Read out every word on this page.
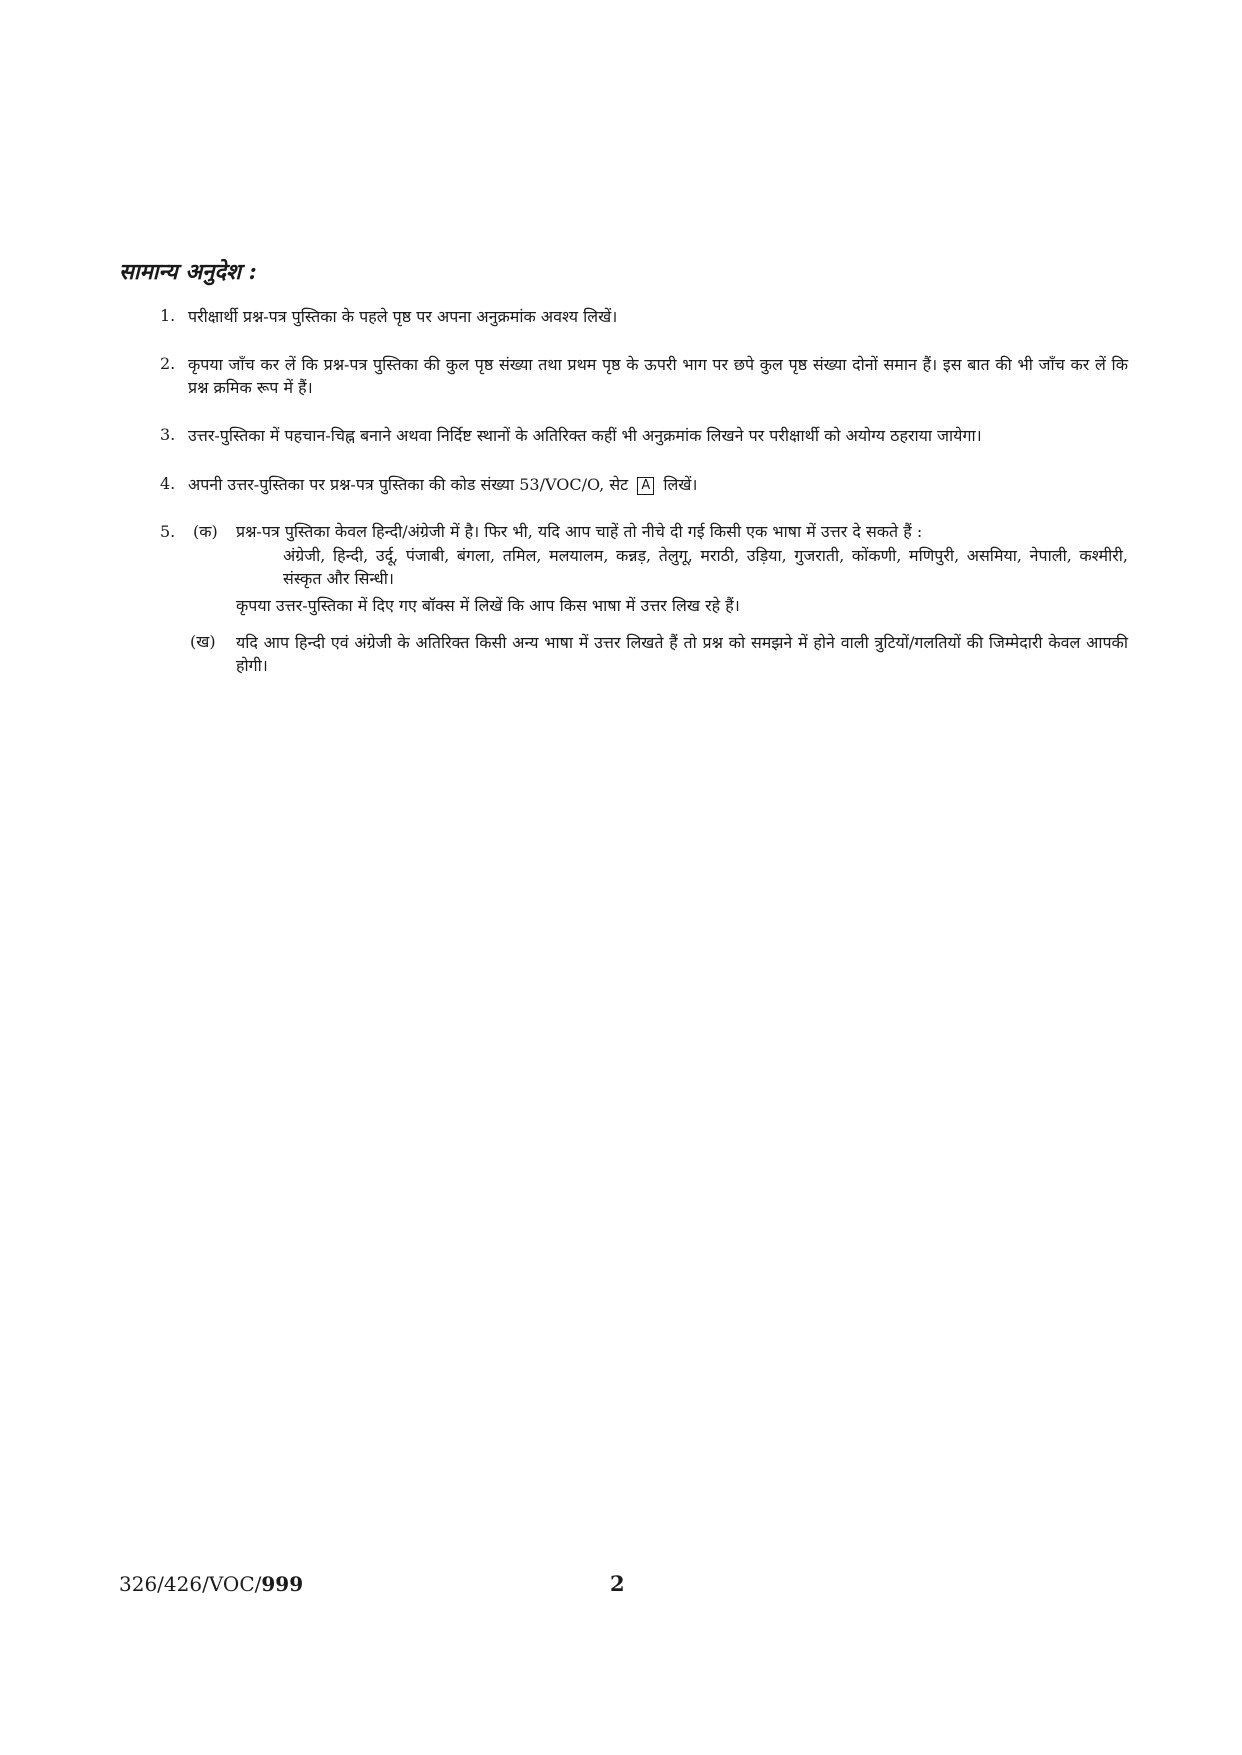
सामान्य अनुदेश :
1. परीक्षार्थी प्रश्न-पत्र पुस्तिका के पहले पृष्ठ पर अपना अनुक्रमांक अवश्य लिखें।
2. कृपया जाँच कर लें कि प्रश्न-पत्र पुस्तिका की कुल पृष्ठ संख्या तथा प्रथम पृष्ठ के ऊपरी भाग पर छपे कुल पृष्ठ संख्या दोनों समान हैं। इस बात की भी जाँच कर लें कि प्रश्न क्रमिक रूप में हैं।
3. उत्तर-पुस्तिका में पहचान-चिह्न बनाने अथवा निर्दिष्ट स्थानों के अतिरिक्त कहीं भी अनुक्रमांक लिखने पर परीक्षार्थी को अयोग्य ठहराया जायेगा।
4. अपनी उत्तर-पुस्तिका पर प्रश्न-पत्र पुस्तिका की कोड संख्या 53/VOC/O, सेट A लिखें।
5. (क) प्रश्न-पत्र पुस्तिका केवल हिन्दी/अंग्रेजी में है। फिर भी, यदि आप चाहें तो नीचे दी गई किसी एक भाषा में उत्तर दे सकते हैं :
अंग्रेजी, हिन्दी, उर्दू, पंजाबी, बंगला, तमिल, मलयालम, कन्नड़, तेलुगू, मराठी, उड़िया, गुजराती, कोंकणी, मणिपुरी, असमिया, नेपाली, कश्मीरी, संस्कृत और सिन्धी।
कृपया उत्तर-पुस्तिका में दिए गए बॉक्स में लिखें कि आप किस भाषा में उत्तर लिख रहे हैं।
(ख) यदि आप हिन्दी एवं अंग्रेजी के अतिरिक्त किसी अन्य भाषा में उत्तर लिखते हैं तो प्रश्न को समझने में होने वाली त्रुटियों/गलतियों की जिम्मेदारी केवल आपकी होगी।
326/426/VOC/999	2
